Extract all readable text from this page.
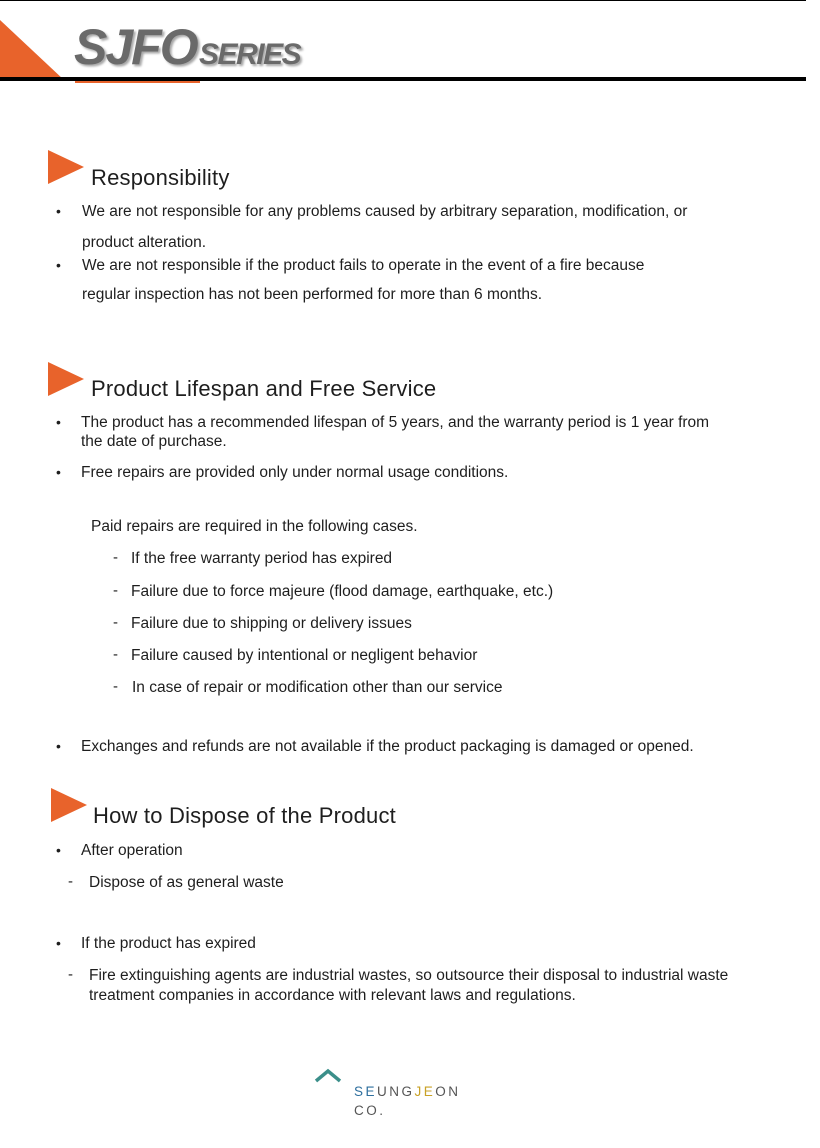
SJFO SERIES
Responsibility
• We are not responsible for any problems caused by arbitrary separation, modification, or
product alteration.
• We are not responsible if the product fails to operate in the event of a fire because
regular inspection has not been performed for more than 6 months.
Product Lifespan and Free Service
• The product has a recommended lifespan of 5 years, and the warranty period is 1 year from
the date of purchase.
• Free repairs are provided only under normal usage conditions.
Paid repairs are required in the following cases.
- If the free warranty period has expired
- Failure due to force majeure (flood damage, earthquake, etc.)
- Failure due to shipping or delivery issues
- Failure caused by intentional or negligent behavior
- In case of repair or modification other than our service
• Exchanges and refunds are not available if the product packaging is damaged or opened.
How to Dispose of the Product
• After operation
- Dispose of as general waste
• If the product has expired
- Fire extinguishing agents are industrial wastes, so outsource their disposal to industrial waste
treatment companies in accordance with relevant laws and regulations.
SEUNGJEON
CO.
